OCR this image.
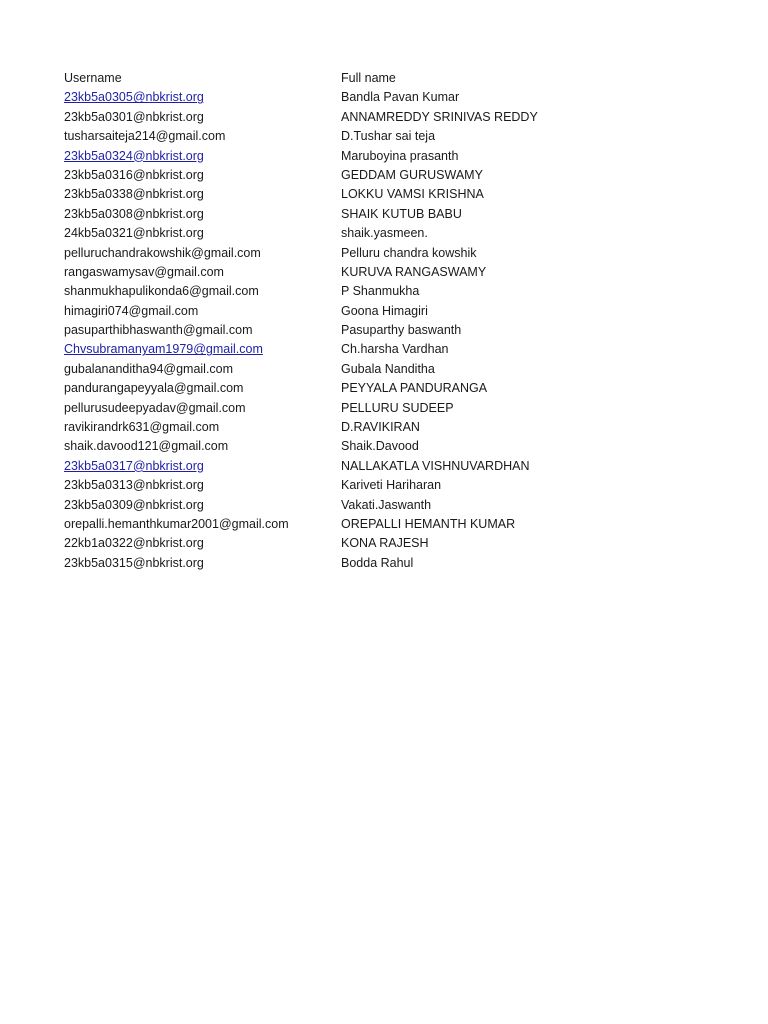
Username	Full name
23kb5a0305@nbkrist.org	Bandla Pavan Kumar
23kb5a0301@nbkrist.org	ANNAMREDDY SRINIVAS REDDY
tusharsaiteja214@gmail.com	D.Tushar sai teja
23kb5a0324@nbkrist.org	Maruboyina prasanth
23kb5a0316@nbkrist.org	GEDDAM GURUSWAMY
23kb5a0338@nbkrist.org	LOKKU VAMSI KRISHNA
23kb5a0308@nbkrist.org	SHAIK KUTUB BABU
24kb5a0321@nbkrist.org	shaik.yasmeen.
pelluruchandrakowshik@gmail.com	Pelluru chandra kowshik
rangaswamysav@gmail.com	KURUVA RANGASWAMY
shanmukhapulikonda6@gmail.com	P Shanmukha
himagiri074@gmail.com	Goona Himagiri
pasuparthibhaswanth@gmail.com	Pasuparthy baswanth
Chvsubramanyam1979@gmail.com	Ch.harsha Vardhan
gubalananditha94@gmail.com	Gubala Nanditha
pandurangapeyyala@gmail.com	PEYYALA PANDURANGA
pellurusudeepyadav@gmail.com	PELLURU SUDEEP
ravikirandrk631@gmail.com	D.RAVIKIRAN
shaik.davood121@gmail.com	Shaik.Davood
23kb5a0317@nbkrist.org	NALLAKATLA VISHNUVARDHAN
23kb5a0313@nbkrist.org	Kariveti Hariharan
23kb5a0309@nbkrist.org	Vakati.Jaswanth
orepalli.hemanthkumar2001@gmail.com	OREPALLI HEMANTH KUMAR
22kb1a0322@nbkrist.org	KONA RAJESH
23kb5a0315@nbkrist.org	Bodda Rahul
